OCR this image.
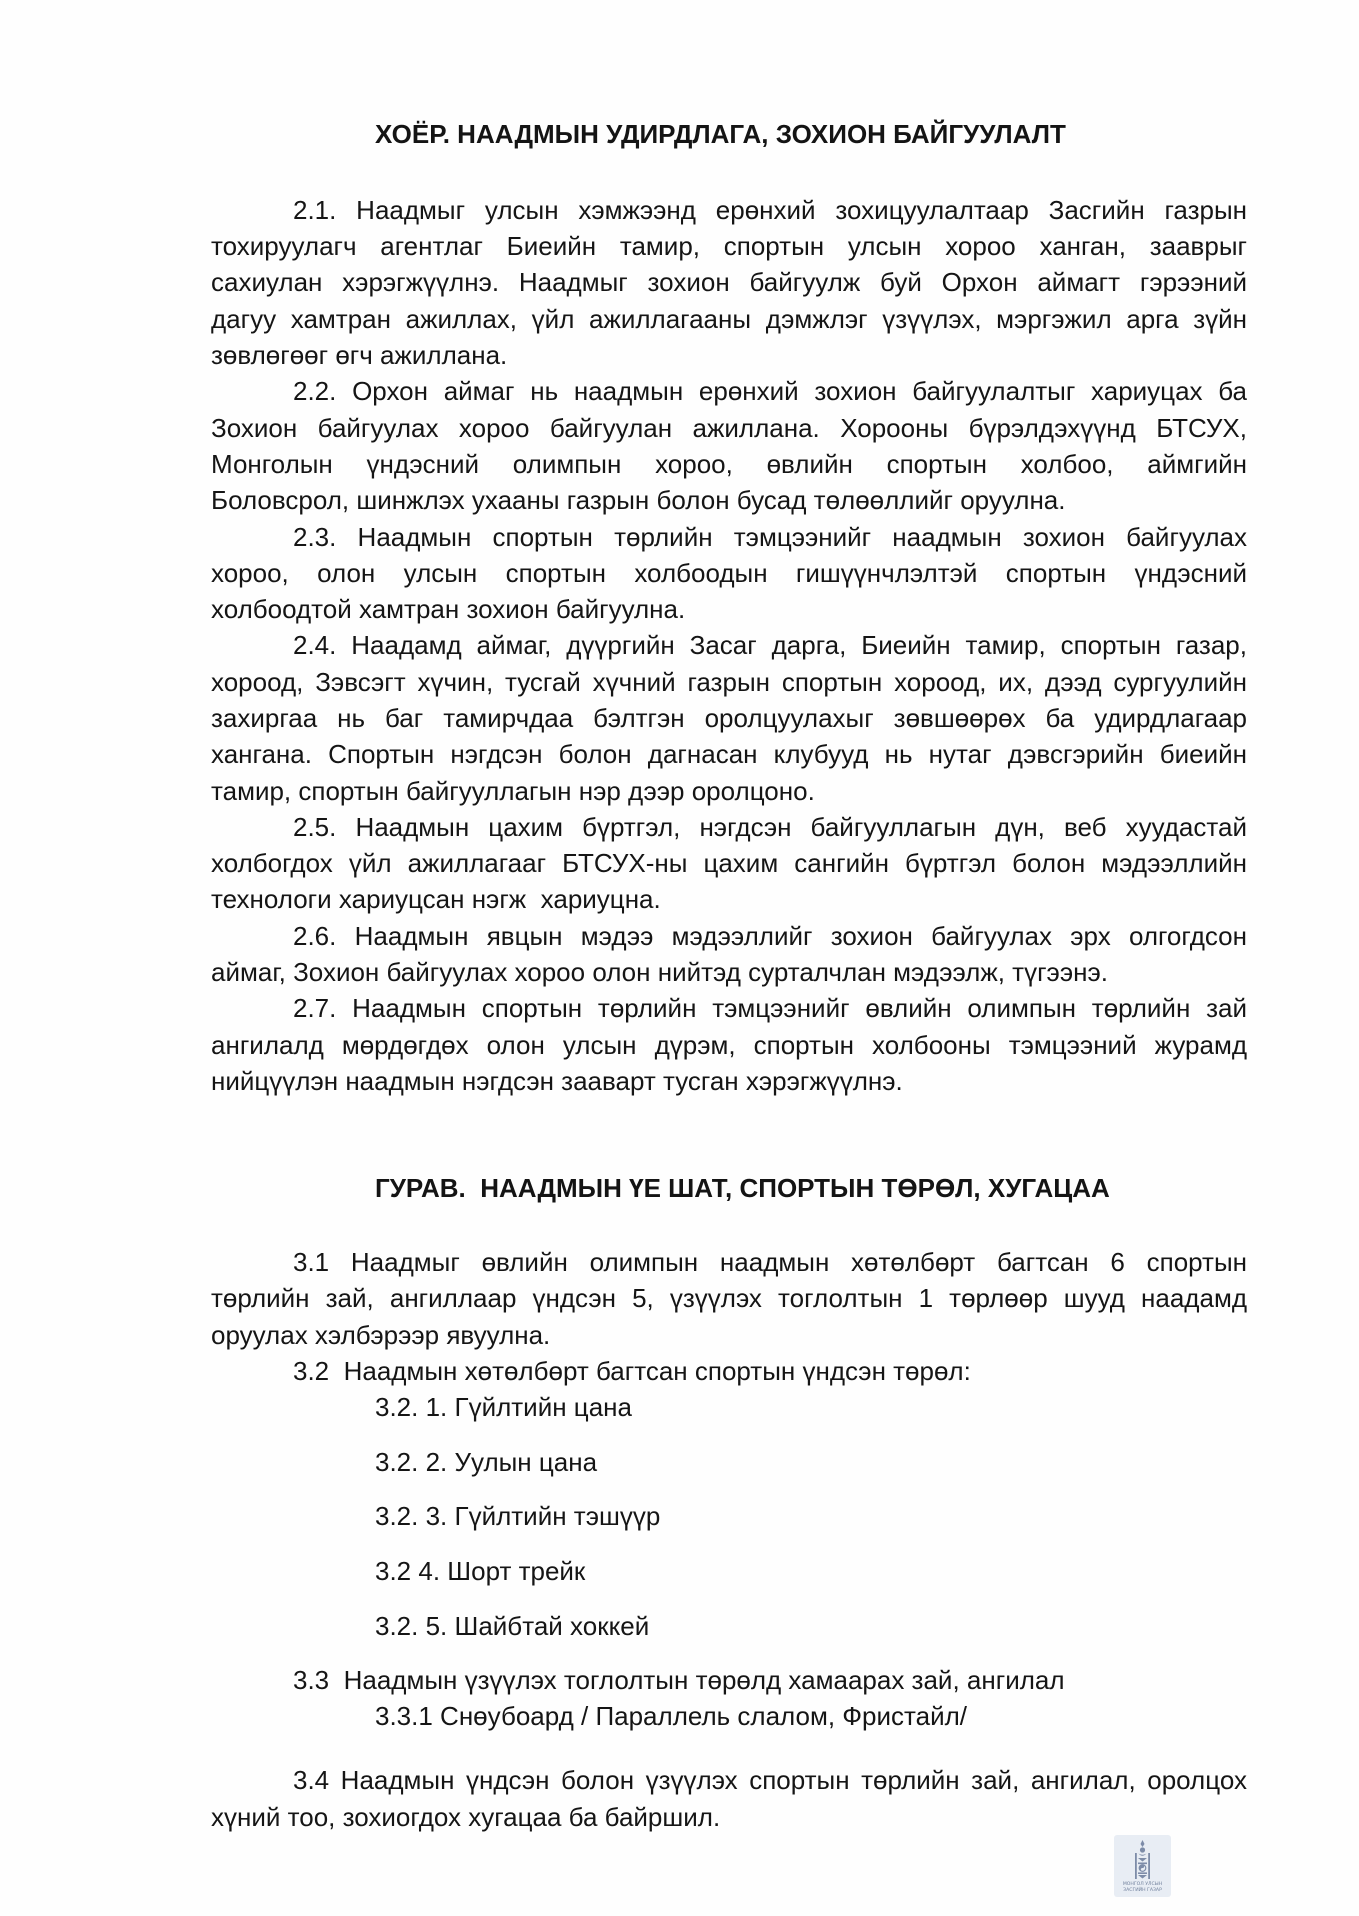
ХОЁР. НААДМЫН УДИРДЛАГА, ЗОХИОН БАЙГУУЛАЛТ
2.1. Наадмыг улсын хэмжээнд ерөнхий зохицуулалтаар Засгийн газрын
тохируулагч агентлаг Биеийн тамир, спортын улсын хороо ханган, зааврыг
сахиулан хэрэгжүүлнэ. Наадмыг зохион байгуулж буй Орхон аймагт гэрээний
дагуу хамтран ажиллах, үйл ажиллагааны дэмжлэг үзүүлэх, мэргэжил арга зүйн
зөвлөгөөг өгч ажиллана.
2.2. Орхон аймаг нь наадмын ерөнхий зохион байгуулалтыг хариуцах ба
Зохион байгуулах хороо байгуулан ажиллана. Хорооны бүрэлдэхүүнд БТСУХ,
Монголын үндэсний олимпын хороо, өвлийн спортын холбоо, аймгийн
Боловсрол, шинжлэх ухааны газрын болон бусад төлөөллийг оруулна.
2.3. Наадмын спортын төрлийн тэмцээнийг наадмын зохион байгуулах
хороо, олон улсын спортын холбоодын гишүүнчлэлтэй спортын үндэсний
холбоодтой хамтран зохион байгуулна.
2.4. Наадамд аймаг, дүүргийн Засаг дарга, Биеийн тамир, спортын газар,
хороод, Зэвсэгт хүчин, тусгай хүчний газрын спортын хороод, их, дээд сургуулийн
захиргаа нь баг тамирчдаа бэлтгэн оролцуулахыг зөвшөөрөх ба удирдлагаар
хангана. Спортын нэгдсэн болон дагнасан клубууд нь нутаг дэвсгэрийн биеийн
тамир, спортын байгууллагын нэр дээр оролцоно.
2.5. Наадмын цахим бүртгэл, нэгдсэн байгууллагын дүн, веб хуудастай
холбогдох үйл ажиллагааг БТСУХ-ны цахим сангийн бүртгэл болон мэдээллийн
технологи хариуцсан нэгж  хариуцна.
2.6. Наадмын явцын мэдээ мэдээллийг зохион байгуулах эрх олгогдсон
аймаг, Зохион байгуулах хороо олон нийтэд сурталчлан мэдээлж, түгээнэ.
2.7. Наадмын спортын төрлийн тэмцээнийг өвлийн олимпын төрлийн зай
ангилалд мөрдөгдөх олон улсын дүрэм, спортын холбооны тэмцээний журамд
нийцүүлэн наадмын нэгдсэн зааварт тусган хэрэгжүүлнэ.
ГУРАВ.  НААДМЫН ҮЕ ШАТ, СПОРТЫН ТӨРӨЛ, ХУГАЦАА
3.1 Наадмыг өвлийн олимпын наадмын хөтөлбөрт багтсан 6 спортын
төрлийн зай, ангиллаар үндсэн 5, үзүүлэх тоглолтын 1 төрлөөр шууд наадамд
оруулах хэлбэрээр явуулна.
3.2  Наадмын хөтөлбөрт багтсан спортын үндсэн төрөл:
3.2. 1. Гүйлтийн цана
3.2. 2. Уулын цана
3.2. 3. Гүйлтийн тэшүүр
3.2 4. Шорт трейк
3.2. 5. Шайбтай хоккей
3.3  Наадмын үзүүлэх тоглолтын төрөлд хамаарах зай, ангилал
3.3.1 Снөубоард / Параллель слалом, Фристайл/
3.4 Наадмын үндсэн болон үзүүлэх спортын төрлийн зай, ангилал, оролцох
хүний тоо, зохиогдох хугацаа ба байршил.
МОНГОЛ УЛСЫН
ЗАСГИЙН ГАЗАР
